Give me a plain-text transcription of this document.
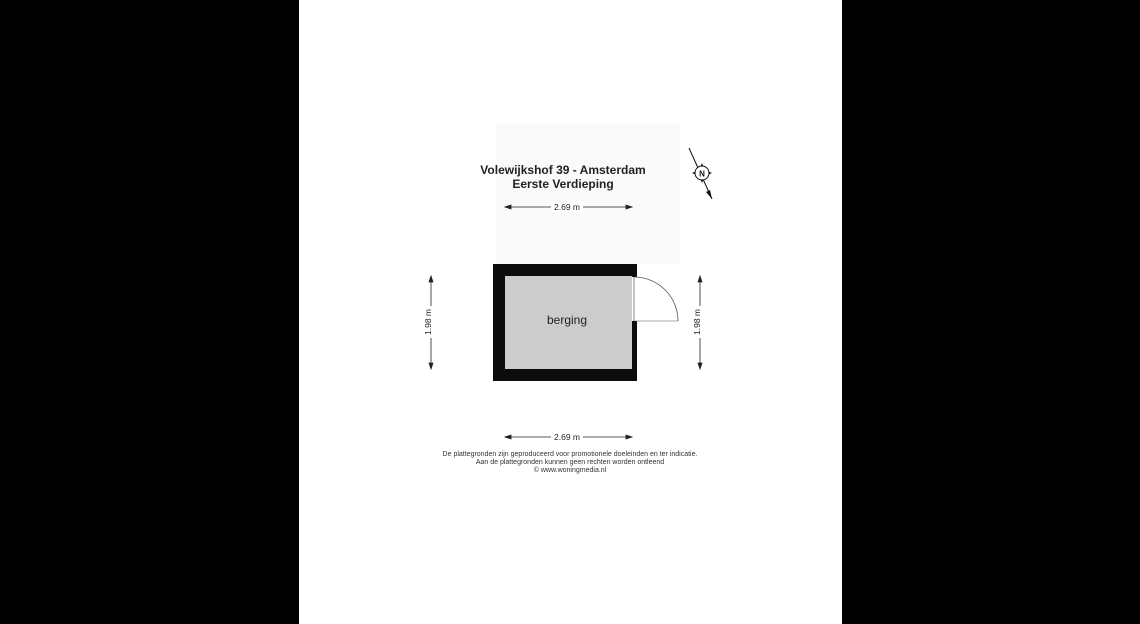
N
Volewijkshof 39 - Amsterdam
Eerste Verdieping
berging
2.69 m
2.69 m
1.98 m	1.98 m
De plattegronden zijn geproduceerd voor promotionele doeleinden en ter indicatie.
Aan de plattegronden kunnen geen rechten worden ontleend
© www.woningmedia.nl
